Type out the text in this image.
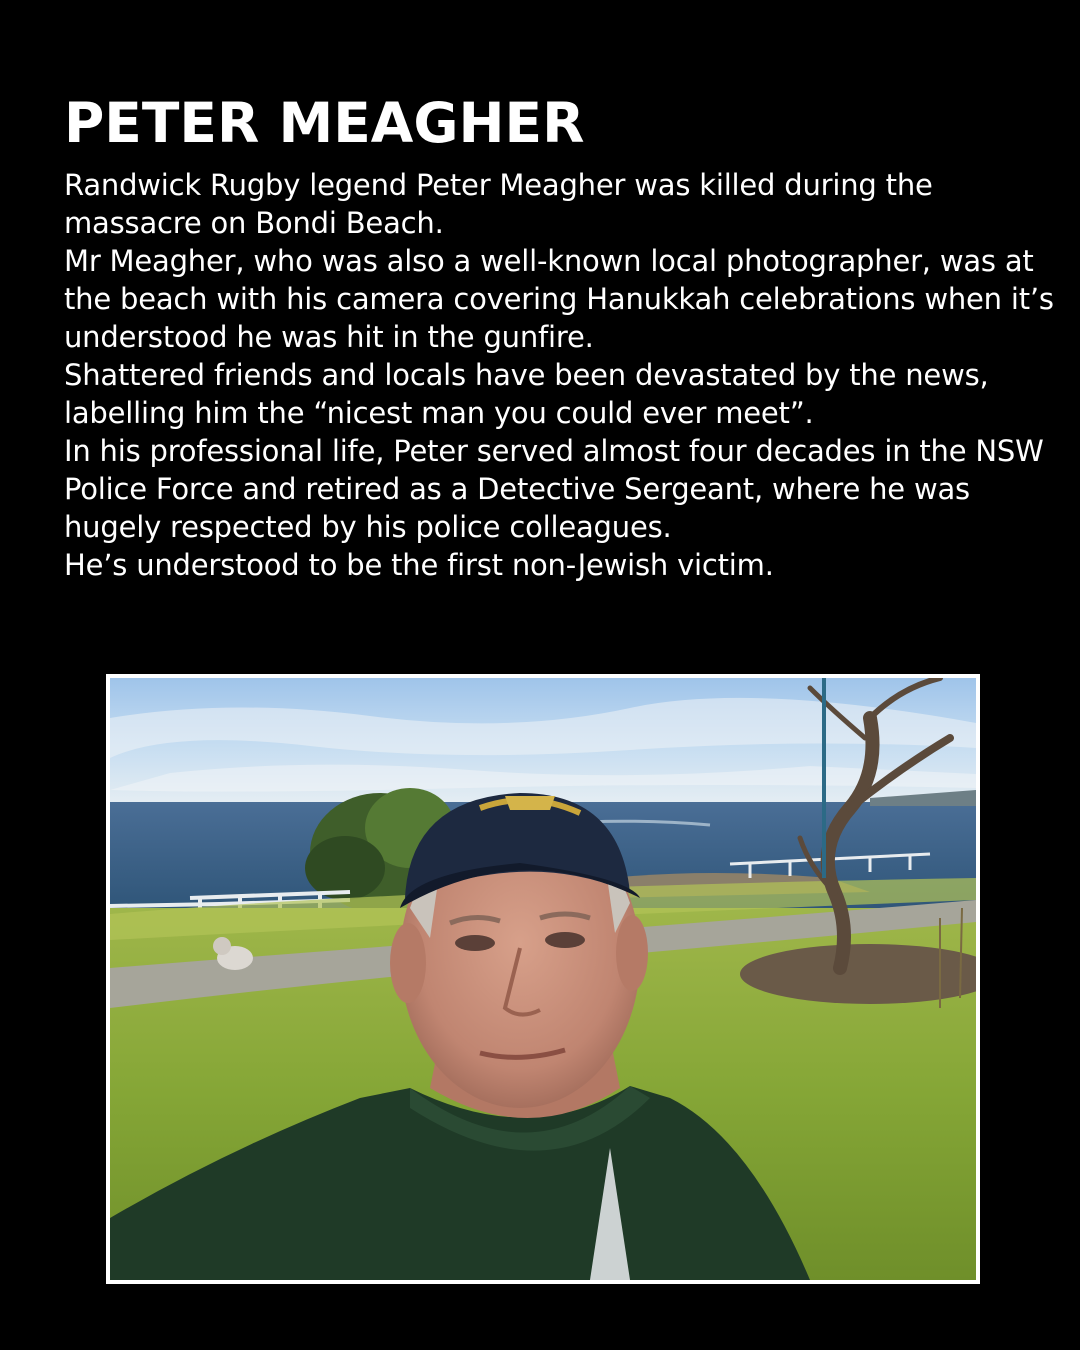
PETER MEAGHER

Randwick Rugby legend Peter Meagher was killed during the massacre on Bondi Beach.

Mr Meagher, who was also a well-known local photographer, was at the beach with his camera covering Hanukkah celebrations when it’s understood he was hit in the gunfire.

Shattered friends and locals have been devastated by the news, labelling him the “nicest man you could ever meet”.

In his professional life, Peter served almost four decades in the NSW Police Force and retired as a Detective Sergeant, where he was hugely respected by his police colleagues.

He’s understood to be the first non-Jewish victim.
